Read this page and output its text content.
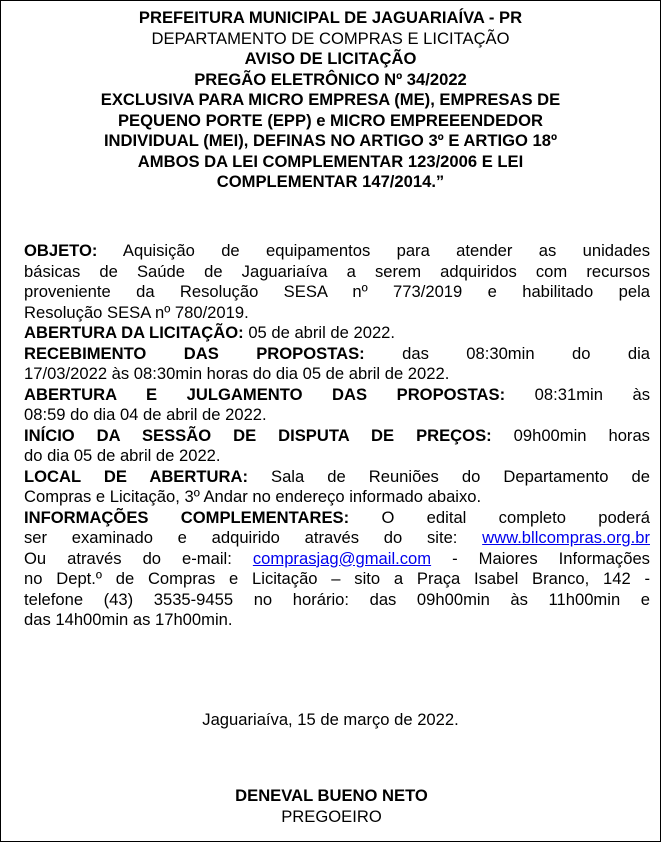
PREFEITURA MUNICIPAL DE JAGUARIAÍVA - PR
DEPARTAMENTO DE COMPRAS E LICITAÇÃO
AVISO DE LICITAÇÃO
PREGÃO ELETRÔNICO Nº 34/2022
EXCLUSIVA PARA MICRO EMPRESA (ME), EMPRESAS DE
PEQUENO PORTE (EPP) e MICRO EMPREEENDEDOR
INDIVIDUAL (MEI), DEFINAS NO ARTIGO 3º E ARTIGO 18º
AMBOS DA LEI COMPLEMENTAR 123/2006 E LEI
COMPLEMENTAR 147/2014.”
OBJETO: Aquisição de equipamentos para atender as unidades
básicas de Saúde de Jaguariaíva a serem adquiridos com recursos
proveniente da Resolução SESA nº 773/2019 e habilitado pela
Resolução SESA nº 780/2019.
ABERTURA DA LICITAÇÃO: 05 de abril de 2022.
RECEBIMENTO DAS PROPOSTAS: das 08:30min do dia
17/03/2022 às 08:30min horas do dia 05 de abril de 2022.
ABERTURA E JULGAMENTO DAS PROPOSTAS: 08:31min às
08:59 do dia 04 de abril de 2022.
INÍCIO DA SESSÃO DE DISPUTA DE PREÇOS: 09h00min horas
do dia 05 de abril de 2022.
LOCAL DE ABERTURA: Sala de Reuniões do Departamento de
Compras e Licitação, 3º Andar no endereço informado abaixo.
INFORMAÇÕES COMPLEMENTARES: O edital completo poderá
ser examinado e adquirido através do site: www.bllcompras.org.br
Ou através do e-mail: comprasjag@gmail.com - Maiores Informações
no Dept.º de Compras e Licitação – sito a Praça Isabel Branco, 142 -
telefone (43) 3535-9455 no horário: das 09h00min às 11h00min e
das 14h00min as 17h00min.
Jaguariaíva, 15 de março de 2022.
DENEVAL BUENO NETO
PREGOEIRO
